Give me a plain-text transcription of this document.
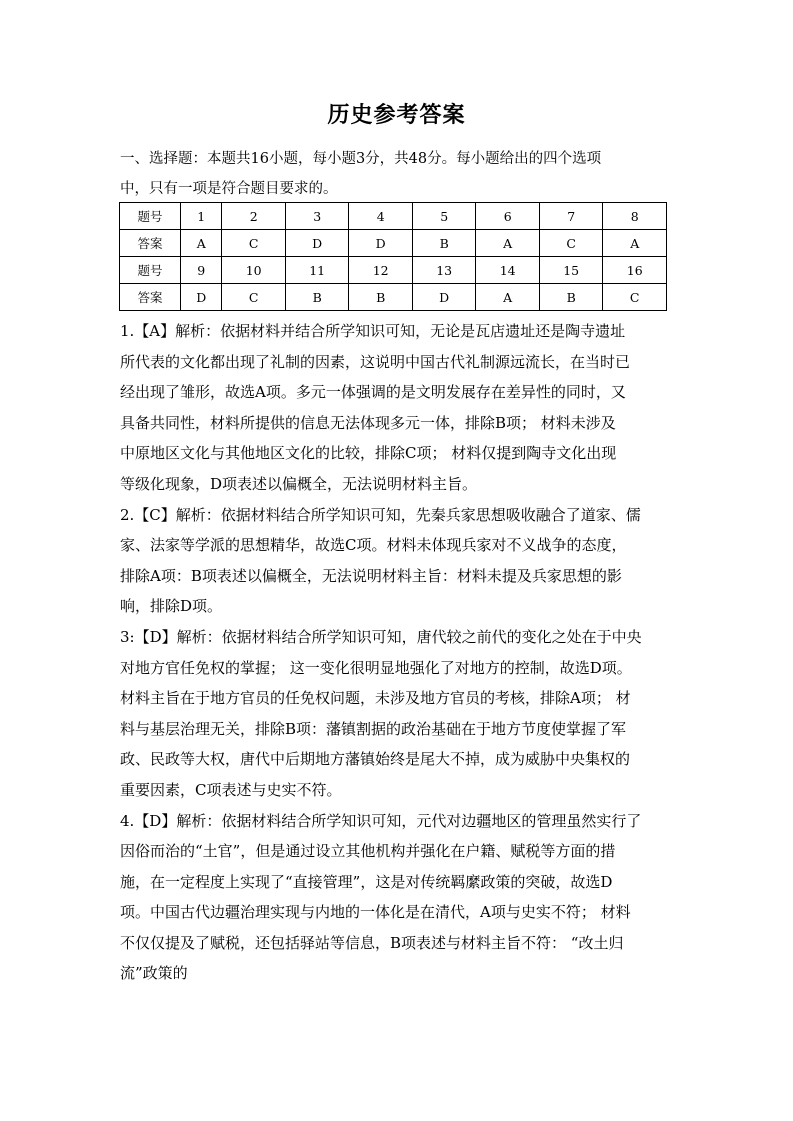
历史参考答案
一、选择题：本题共16小题，每小题3分，共48分。每小题给出的四个选项
中，只有一项是符合题目要求的。
题号	1	2	3	4	5	6	7	8
答案	A	C	D	D	B	A	C	A
题号	9	10	11	12	13	14	15	16
答案	D	C	B	B	D	A	B	C
1.【A】解析：依据材料并结合所学知识可知，无论是瓦店遗址还是陶寺遗址
所代表的文化都出现了礼制的因素，这说明中国古代礼制源远流长，在当时已
经出现了雏形，故选A项。多元一体强调的是文明发展存在差异性的同时，又
具备共同性，材料所提供的信息无法体现多元一体，排除B项； 材料未涉及
中原地区文化与其他地区文化的比较，排除C项； 材料仅提到陶寺文化出现
等级化现象，D项表述以偏概全，无法说明材料主旨。
2.【C】解析：依据材料结合所学知识可知，先秦兵家思想吸收融合了道家、儒
家、法家等学派的思想精华，故选C项。材料未体现兵家对不义战争的态度，
排除A项：B项表述以偏概全，无法说明材料主旨：材料未提及兵家思想的影
响，排除D项。
3:【D】解析：依据材料结合所学知识可知，唐代较之前代的变化之处在于中央
对地方官任免权的掌握； 这一变化很明显地强化了对地方的控制，故选D项。
材料主旨在于地方官员的任免权问题，未涉及地方官员的考核，排除A项； 材
料与基层治理无关，排除B项：藩镇割据的政治基础在于地方节度使掌握了军
政、民政等大权，唐代中后期地方藩镇始终是尾大不掉，成为威胁中央集权的
重要因素，C项表述与史实不符。
4.【D】解析：依据材料结合所学知识可知，元代对边疆地区的管理虽然实行了
因俗而治的“土官”，但是通过设立其他机构并强化在户籍、赋税等方面的措
施，在一定程度上实现了“直接管理”，这是对传统羁縻政策的突破，故选D
项。中国古代边疆治理实现与内地的一体化是在清代，A项与史实不符； 材料
不仅仅提及了赋税，还包括驿站等信息，B项表述与材料主旨不符： “改土归
流”政策的
